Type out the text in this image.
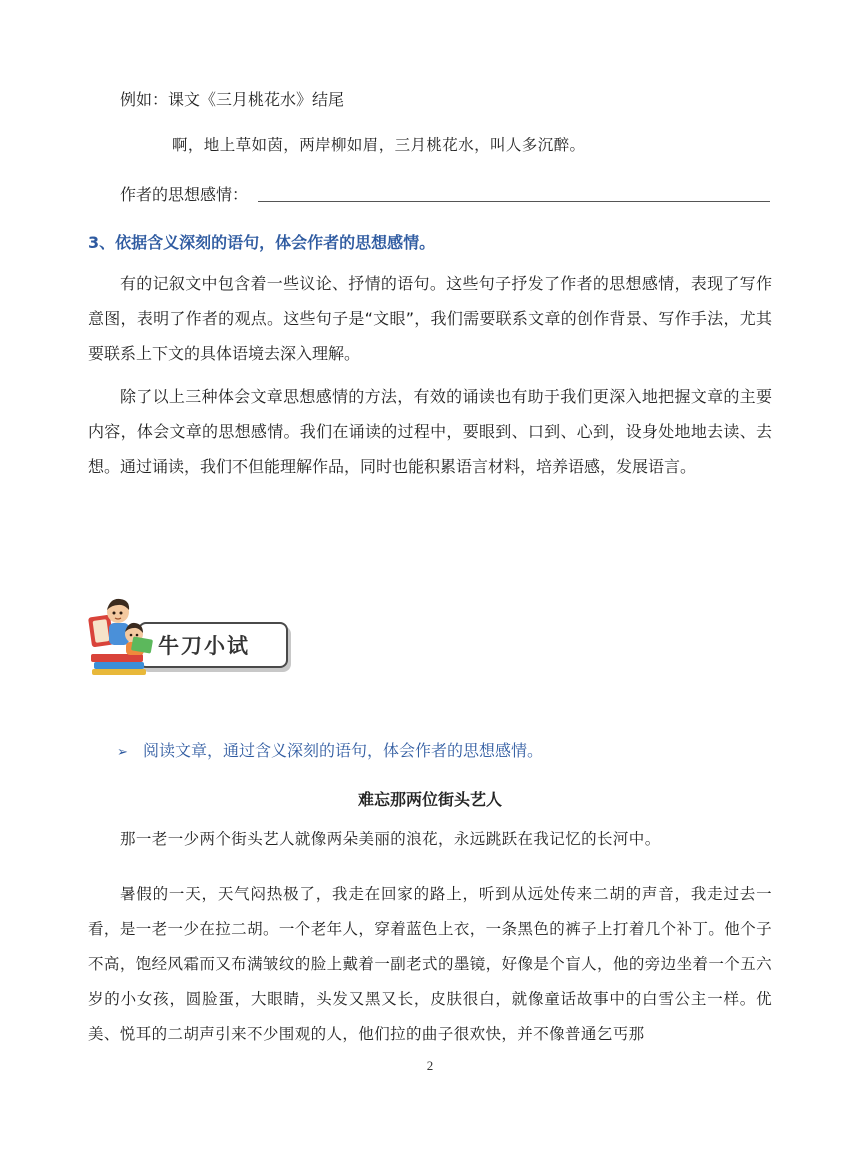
例如：课文《三月桃花水》结尾
啊，地上草如茵，两岸柳如眉，三月桃花水，叫人多沉醉。
作者的思想感情：
3、依据含义深刻的语句，体会作者的思想感情。
有的记叙文中包含着一些议论、抒情的语句。这些句子抒发了作者的思想感情，表现了写作意图，表明了作者的观点。这些句子是“文眼”，我们需要联系文章的创作背景、写作手法，尤其要联系上下文的具体语境去深入理解。
除了以上三种体会文章思想感情的方法，有效的诵读也有助于我们更深入地把握文章的主要内容，体会文章的思想感情。我们在诵读的过程中，要眼到、口到、心到，设身处地地去读、去想。通过诵读，我们不但能理解作品，同时也能积累语言材料，培养语感，发展语言。
牛刀小试
➢ 阅读文章，通过含义深刻的语句，体会作者的思想感情。
难忘那两位街头艺人
那一老一少两个街头艺人就像两朵美丽的浪花，永远跳跃在我记忆的长河中。
暑假的一天，天气闷热极了，我走在回家的路上，听到从远处传来二胡的声音，我走过去一看，是一老一少在拉二胡。一个老年人，穿着蓝色上衣，一条黑色的裤子上打着几个补丁。他个子不高，饱经风霜而又布满皱纹的脸上戴着一副老式的墨镜，好像是个盲人，他的旁边坐着一个五六岁的小女孩，圆脸蛋，大眼睛，头发又黑又长，皮肤很白，就像童话故事中的白雪公主一样。优美、悦耳的二胡声引来不少围观的人，他们拉的曲子很欢快，并不像普通乞丐那
2
